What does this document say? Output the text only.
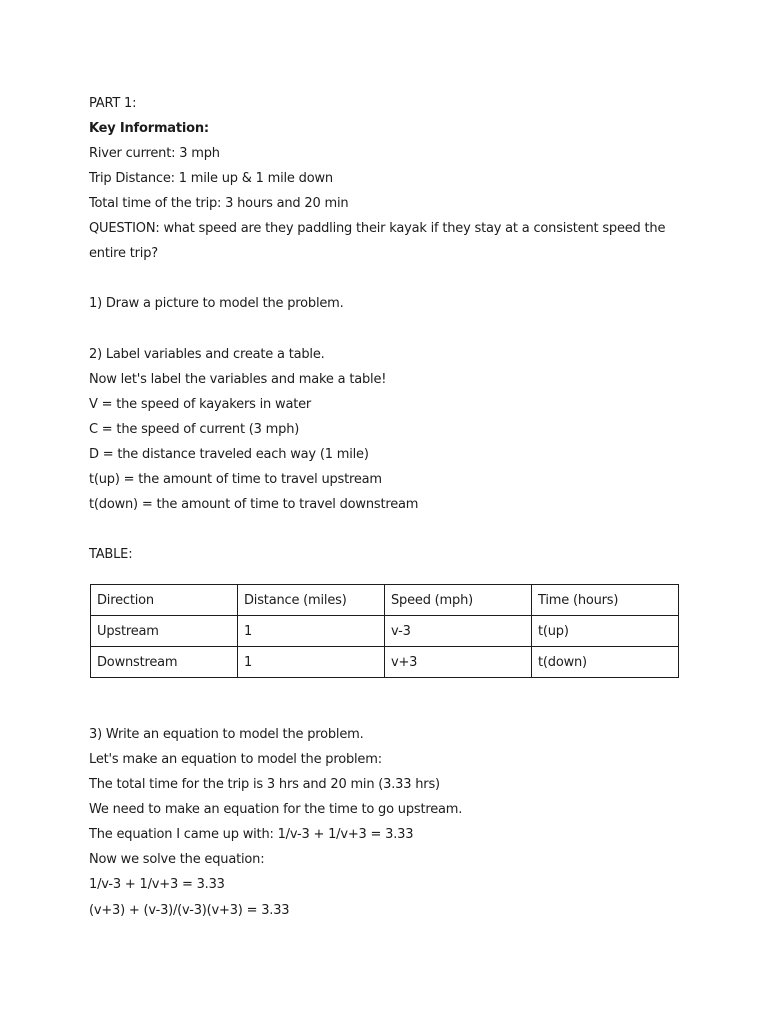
PART 1:
Key Information:
River current: 3 mph
Trip Distance: 1 mile up & 1 mile down
Total time of the trip: 3 hours and 20 min
QUESTION: what speed are they paddling their kayak if they stay at a consistent speed the entire trip?
1) Draw a picture to model the problem.
2) Label variables and create a table.
Now let's label the variables and make a table!
V = the speed of kayakers in water
C = the speed of current (3 mph)
D = the distance traveled each way (1 mile)
t(up) = the amount of time to travel upstream
t(down) = the amount of time to travel downstream
TABLE:
Direction	Distance (miles)	Speed (mph)	Time (hours)
Upstream	1	v-3	t(up)
Downstream	1	v+3	t(down)
3) Write an equation to model the problem.
Let's make an equation to model the problem:
The total time for the trip is 3 hrs and 20 min (3.33 hrs)
We need to make an equation for the time to go upstream.
The equation I came up with: 1/v-3 + 1/v+3 = 3.33
Now we solve the equation:
1/v-3 + 1/v+3 = 3.33
(v+3) + (v-3)/(v-3)(v+3) = 3.33
